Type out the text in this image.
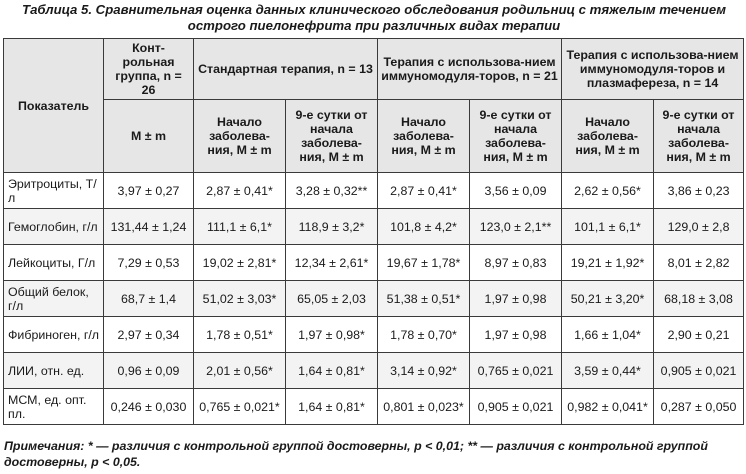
Таблица 5. Сравнительная оценка данных клинического обследования родильниц с тяжелым течением острого пиелонефрита при различных видах терапии
Показатель	Конт-рольная группа, n = 26	Стандартная терапия, n = 13		Терапия с использова-нием иммуномодуля-торов, n = 21		Терапия с использова-нием иммуномодуля-торов и плазмафереза, n = 14	
	M ± m	Начало заболева-ния, M ± m	9-е сутки от начала заболева-ния, M ± m	Начало заболева-ния, M ± m	9-е сутки от начала заболева-ния, M ± m	Начало заболева-ния, M ± m	9-е сутки от начала заболева-ния, M ± m
Эритроциты, Т/л	3,97 ± 0,27	2,87 ± 0,41*	3,28 ± 0,32**	2,87 ± 0,41*	3,56 ± 0,09	2,62 ± 0,56*	3,86 ± 0,23
Гемоглобин, г/л	131,44 ± 1,24	111,1 ± 6,1*	118,9 ± 3,2*	101,8 ± 4,2*	123,0 ± 2,1**	101,1 ± 6,1*	129,0 ± 2,8
Лейкоциты, Г/л	7,29 ± 0,53	19,02 ± 2,81*	12,34 ± 2,61*	19,67 ± 1,78*	8,97 ± 0,83	19,21 ± 1,92*	8,01 ± 2,82
Общий белок, г/л	68,7 ± 1,4	51,02 ± 3,03*	65,05 ± 2,03	51,38 ± 0,51*	1,97 ± 0,98	50,21 ± 3,20*	68,18 ± 3,08
Фибриноген, г/л	2,97 ± 0,34	1,78 ± 0,51*	1,97 ± 0,98*	1,78 ± 0,70*	1,97 ± 0,98	1,66 ± 1,04*	2,90 ± 0,21
ЛИИ, отн. ед.	0,96 ± 0,09	2,01 ± 0,56*	1,64 ± 0,81*	3,14 ± 0,92*	0,765 ± 0,021	3,59 ± 0,44*	0,905 ± 0,021
МСМ, ед. опт. пл.	0,246 ± 0,030	0,765 ± 0,021*	1,64 ± 0,81*	0,801 ± 0,023*	0,905 ± 0,021	0,982 ± 0,041*	0,287 ± 0,050
Примечания: * — различия с контрольной группой достоверны, p < 0,01; ** — различия с контрольной группой достоверны, p < 0,05.
